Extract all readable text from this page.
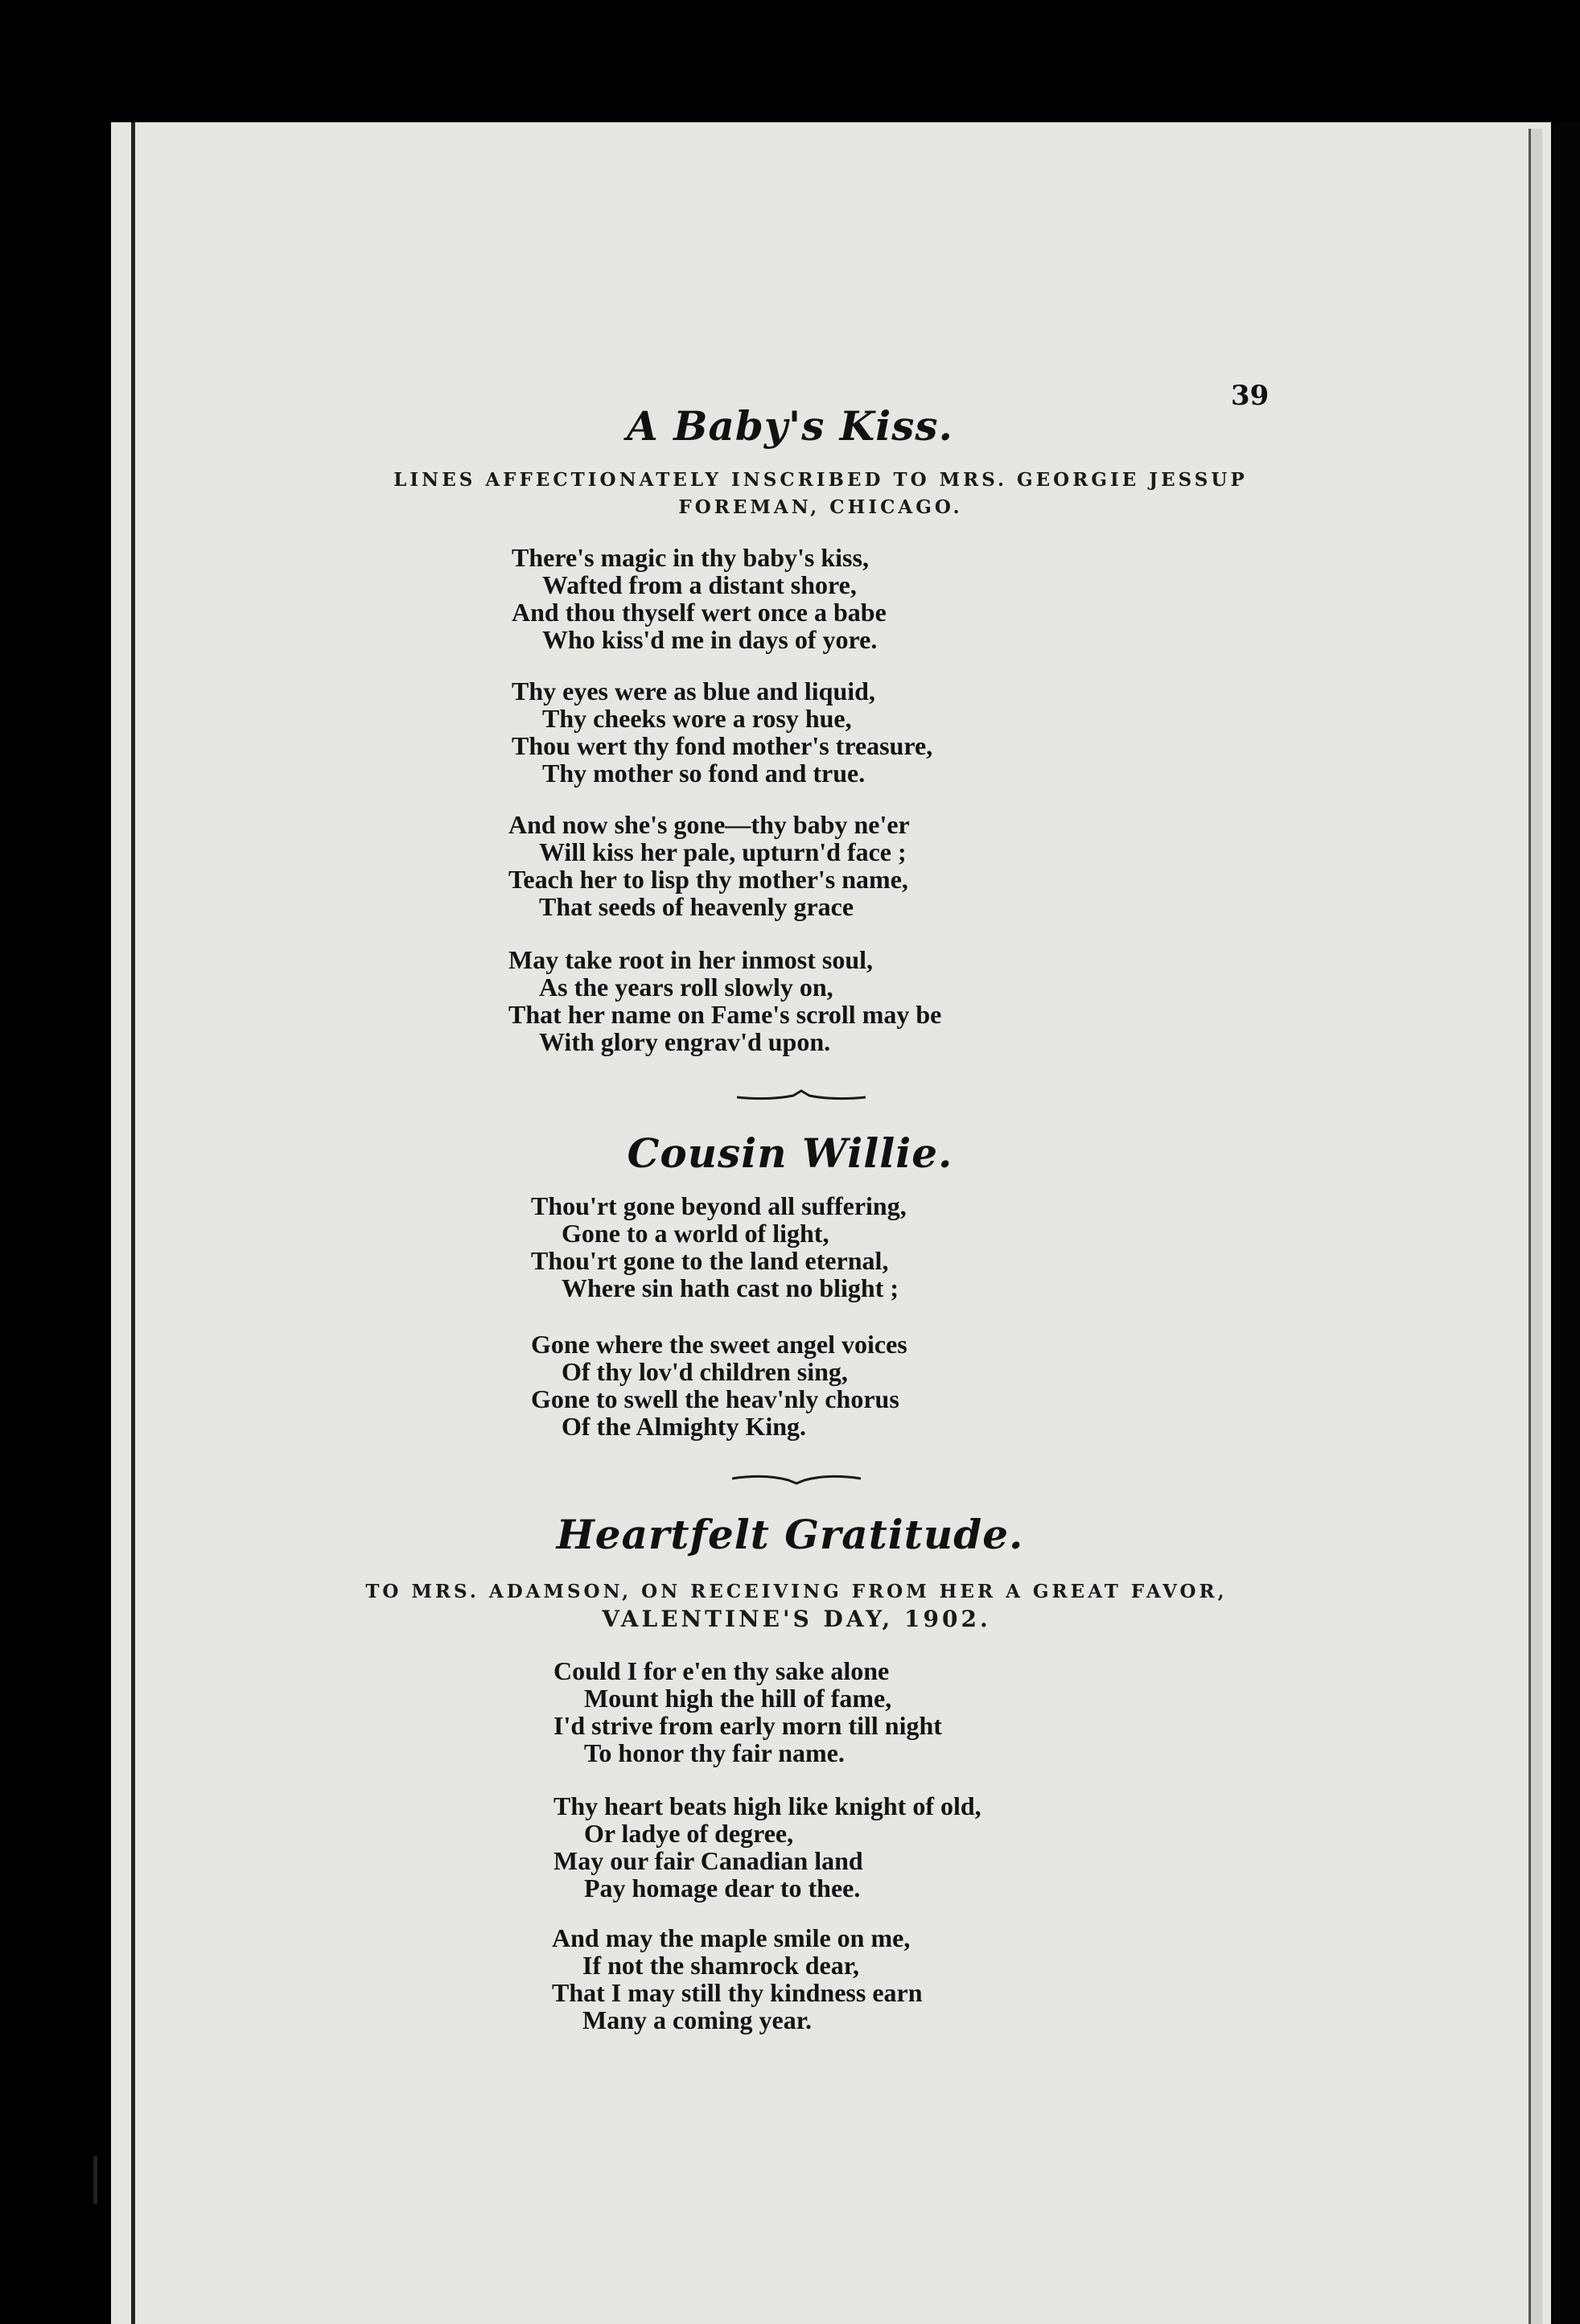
39
A Baby's Kiss.
LINES AFFECTIONATELY INSCRIBED TO MRS. GEORGIE JESSUP
FOREMAN, CHICAGO.
There's magic in thy baby's kiss,
Wafted from a distant shore,
And thou thyself wert once a babe
Who kiss'd me in days of yore.
Thy eyes were as blue and liquid,
Thy cheeks wore a rosy hue,
Thou wert thy fond mother's treasure,
Thy mother so fond and true.
And now she's gone—thy baby ne'er
Will kiss her pale, upturn'd face ;
Teach her to lisp thy mother's name,
That seeds of heavenly grace
May take root in her inmost soul,
As the years roll slowly on,
That her name on Fame's scroll may be
With glory engrav'd upon.
Cousin Willie.
Thou'rt gone beyond all suffering,
Gone to a world of light,
Thou'rt gone to the land eternal,
Where sin hath cast no blight ;
Gone where the sweet angel voices
Of thy lov'd children sing,
Gone to swell the heav'nly chorus
Of the Almighty King.
Heartfelt Gratitude.
TO MRS. ADAMSON, ON RECEIVING FROM HER A GREAT FAVOR,
VALENTINE'S DAY, 1902.
Could I for e'en thy sake alone
Mount high the hill of fame,
I'd strive from early morn till night
To honor thy fair name.
Thy heart beats high like knight of old,
Or ladye of degree,
May our fair Canadian land
Pay homage dear to thee.
And may the maple smile on me,
If not the shamrock dear,
That I may still thy kindness earn
Many a coming year.
